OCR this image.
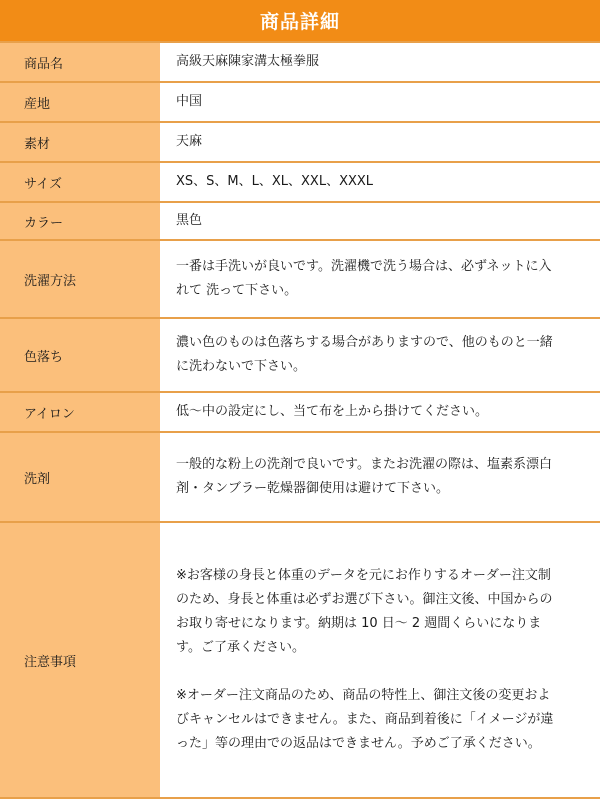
商品詳細
商品名	高級天麻陳家溝太極拳服
産地	中国
素材	天麻
サイズ	XS、S、M、L、XL、XXL、XXXL
カラー	黒色
洗濯方法	一番は手洗いが良いです。洗濯機で洗う場合は、必ずネットに入れて 洗って下さい。
色落ち	濃い色のものは色落ちする場合がありますので、他のものと一緒に洗わないで下さい。
アイロン	低～中の設定にし、当て布を上から掛けてください。
洗剤	一般的な粉上の洗剤で良いです。またお洗濯の際は、塩素系漂白剤・タンブラー乾燥器御使用は避けて下さい。
注意事項	※お客様の身長と体重のデータを元にお作りするオーダー注文制のため、身長と体重は必ずお選び下さい。御注文後、中国からのお取り寄せになります。納期は 10 日～ 2 週間くらいになります。ご了承ください。
※オーダー注文商品のため、商品の特性上、御注文後の変更およびキャンセルはできません。また、商品到着後に「イメージが違った」等の理由での返品はできません。予めご了承ください。
